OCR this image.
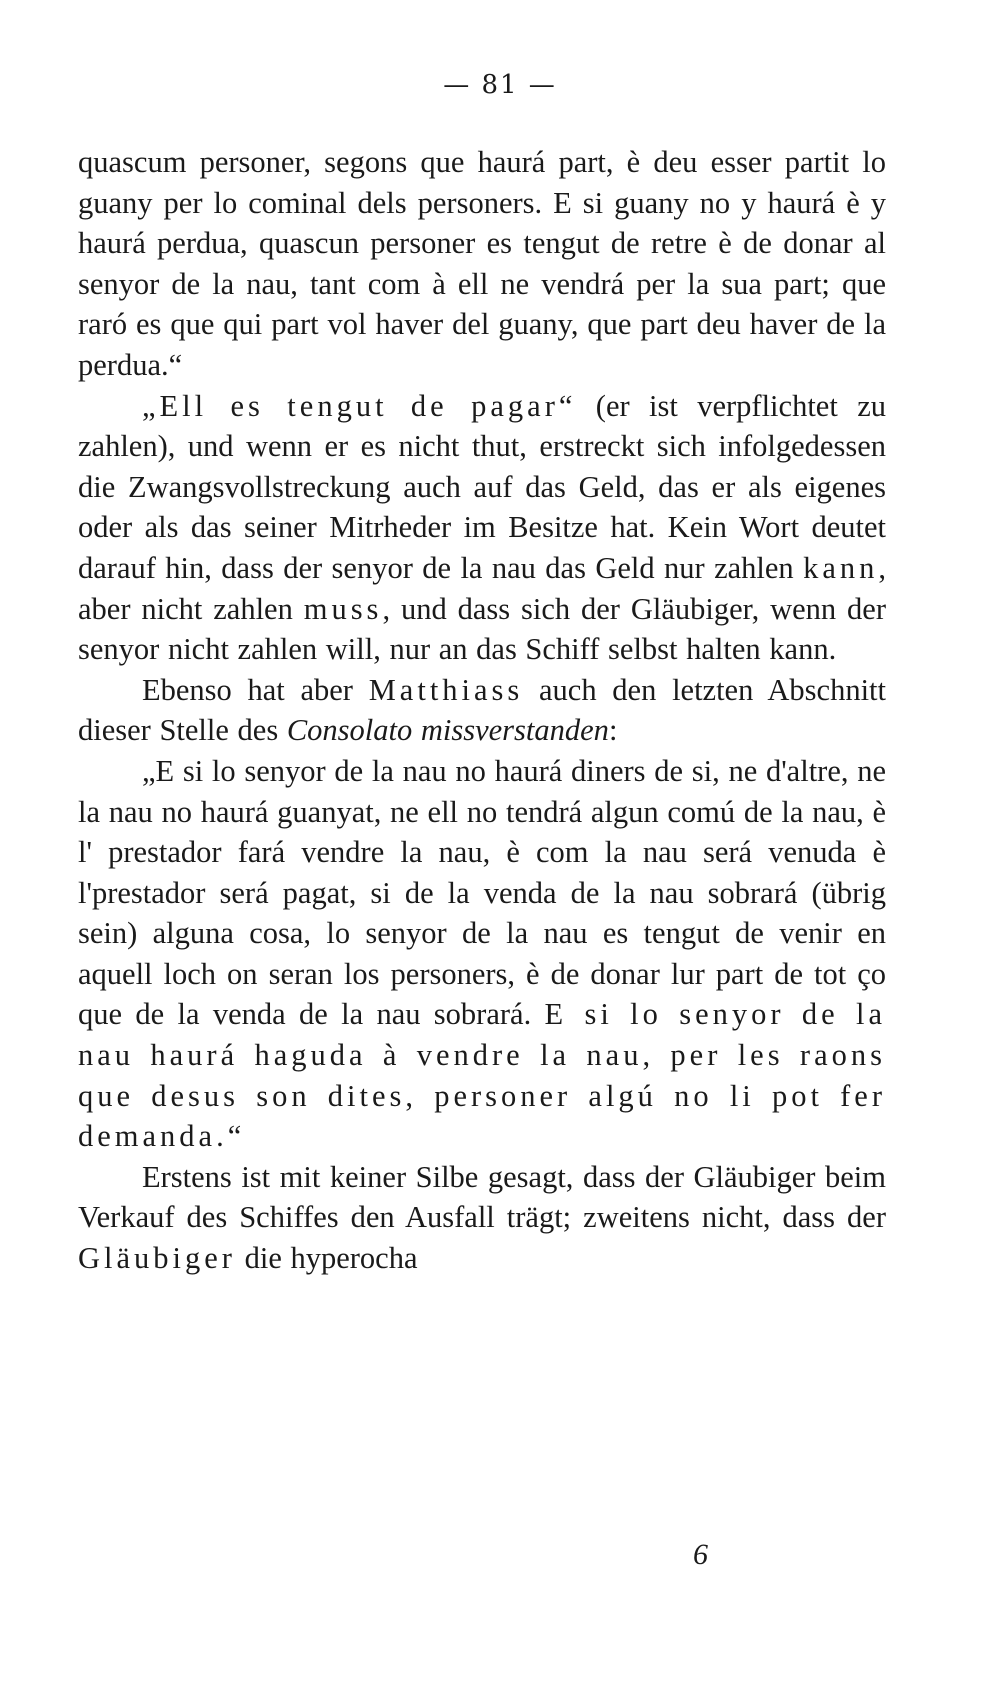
— 81 —

quascum personer, segons que haurá part, è deu esser partit lo guany per lo cominal dels personers. E si guany no y haurá è y haurá perdua, quascun personer es tengut de retre è de donar al senyor de la nau, tant com à ell ne vendrá per la sua part; que raró es que qui part vol haver del guany, que part deu haver de la perdua.“

„Ell es tengut de pagar“ (er ist verpflichtet zu zahlen), und wenn er es nicht thut, erstreckt sich infolgedessen die Zwangsvollstreckung auch auf das Geld, das er als eigenes oder als das seiner Mitrheder im Besitze hat. Kein Wort deutet darauf hin, dass der senyor de la nau das Geld nur zahlen kann, aber nicht zahlen muss, und dass sich der Gläubiger, wenn der senyor nicht zahlen will, nur an das Schiff selbst halten kann.

Ebenso hat aber Matthiass auch den letzten Abschnitt dieser Stelle des Consolato missverstanden:

„E si lo senyor de la nau no haurá diners de si, ne d'altre, ne la nau no haurá guanyat, ne ell no tendrá algun comú de la nau, è l' prestador fará vendre la nau, è com la nau será venuda è l'prestador será pagat, si de la venda de la nau sobrará (übrig sein) alguna cosa, lo senyor de la nau es tengut de venir en aquell loch on seran los personers, è de donar lur part de tot ço que de la venda de la nau sobrará. E si lo senyor de la nau haurá haguda à vendre la nau, per les raons que desus son dites, personer algú no li pot fer demanda.“

Erstens ist mit keiner Silbe gesagt, dass der Gläubiger beim Verkauf des Schiffes den Ausfall trägt; zweitens nicht, dass der Gläubiger die hyperocha

6
